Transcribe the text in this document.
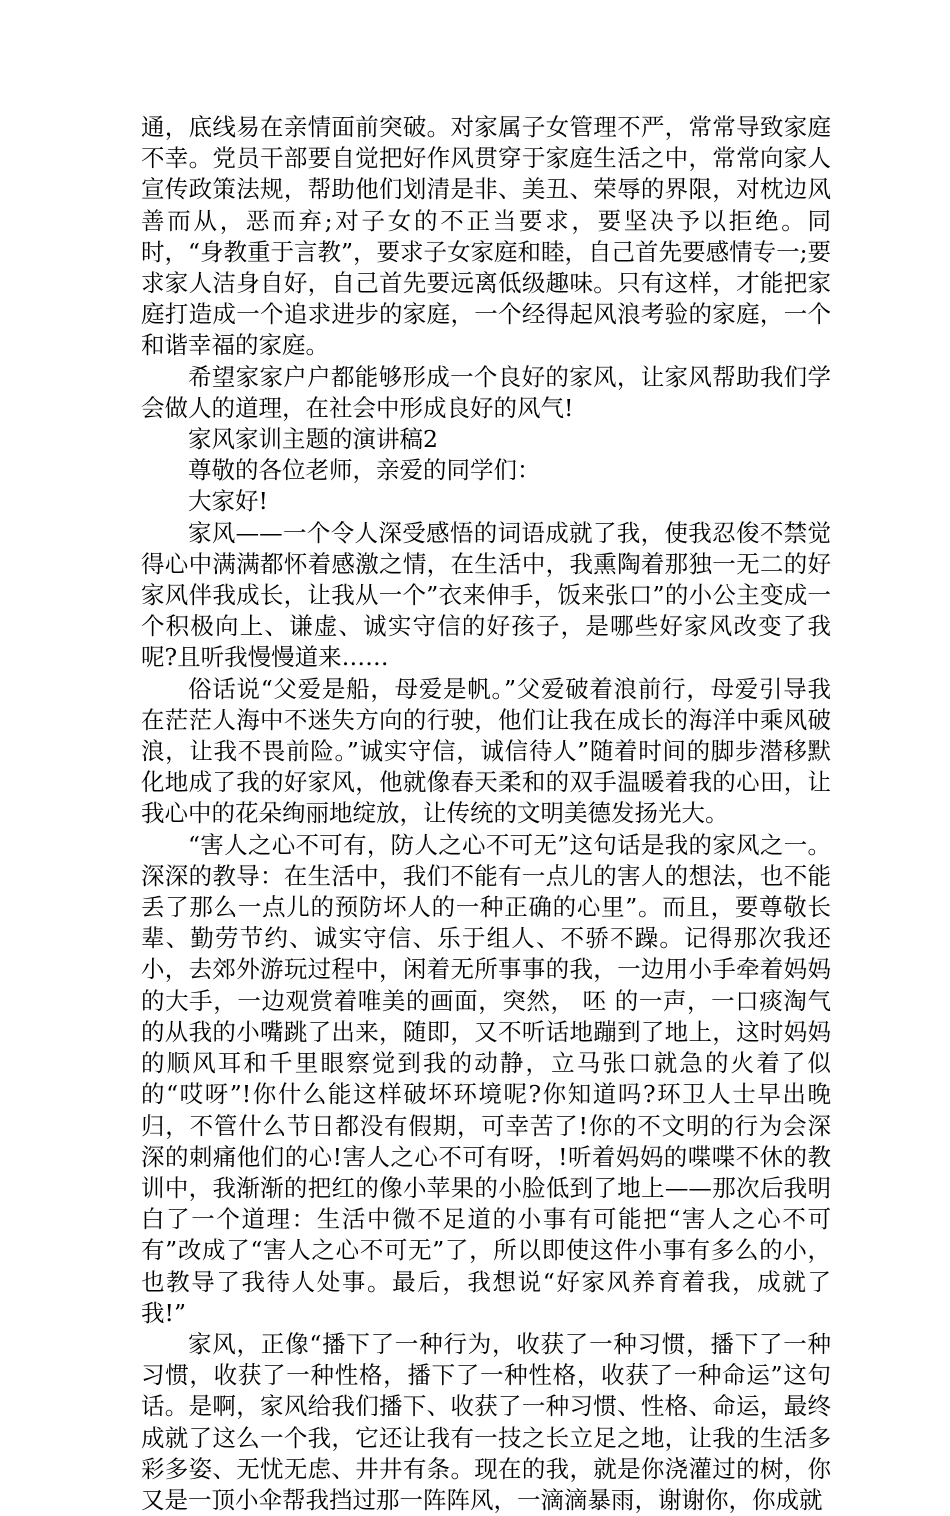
通，底线易在亲情面前突破。对家属子女管理不严，常常导致家庭不幸。党员干部要自觉把好作风贯穿于家庭生活之中，常常向家人宣传政策法规，帮助他们划清是非、美丑、荣辱的界限，对枕边风善而从，恶而弃;对子女的不正当要求，要坚决予以拒绝。同时，“身教重于言教”，要求子女家庭和睦，自己首先要感情专一;要求家人洁身自好，自己首先要远离低级趣味。只有这样，才能把家庭打造成一个追求进步的家庭，一个经得起风浪考验的家庭，一个和谐幸福的家庭。

希望家家户户都能够形成一个良好的家风，让家风帮助我们学会做人的道理，在社会中形成良好的风气!

家风家训主题的演讲稿2

尊敬的各位老师，亲爱的同学们：

大家好!

家风——一个令人深受感悟的词语成就了我，使我忍俊不禁觉得心中满满都怀着感激之情，在生活中，我熏陶着那独一无二的好家风伴我成长，让我从一个”衣来伸手，饭来张口”的小公主变成一个积极向上、谦虚、诚实守信的好孩子，是哪些好家风改变了我呢?且听我慢慢道来……

俗话说“父爱是船，母爱是帆。”父爱破着浪前行，母爱引导我在茫茫人海中不迷失方向的行驶，他们让我在成长的海洋中乘风破浪，让我不畏前险。”诚实守信，诚信待人”随着时间的脚步潜移默化地成了我的好家风，他就像春天柔和的双手温暖着我的心田，让我心中的花朵绚丽地绽放，让传统的文明美德发扬光大。

“害人之心不可有，防人之心不可无”这句话是我的家风之一。深深的教导：在生活中，我们不能有一点儿的害人的想法，也不能丢了那么一点儿的预防坏人的一种正确的心里”。而且，要尊敬长辈、勤劳节约、诚实守信、乐于组人、不骄不躁。记得那次我还小，去郊外游玩过程中，闲着无所事事的我，一边用小手牵着妈妈的大手，一边观赏着唯美的画面，突然， 呸 的一声，一口痰淘气的从我的小嘴跳了出来，随即，又不听话地蹦到了地上，这时妈妈的顺风耳和千里眼察觉到我的动静，立马张口就急的火着了似的“哎呀”!你什么能这样破坏环境呢?你知道吗?环卫人士早出晚归，不管什么节日都没有假期，可幸苦了!你的不文明的行为会深深的刺痛他们的心!害人之心不可有呀，!听着妈妈的喋喋不休的教训中，我渐渐的把红的像小苹果的小脸低到了地上——那次后我明白了一个道理：生活中微不足道的小事有可能把“害人之心不可有”改成了“害人之心不可无”了，所以即使这件小事有多么的小，也教导了我待人处事。最后，我想说“好家风养育着我，成就了我!”

家风，正像“播下了一种行为，收获了一种习惯，播下了一种习惯，收获了一种性格，播下了一种性格，收获了一种命运”这句话。是啊，家风给我们播下、收获了一种习惯、性格、命运，最终成就了这么一个我，它还让我有一技之长立足之地，让我的生活多彩多姿、无忧无虑、井井有条。现在的我，就是你浇灌过的树，你又是一顶小伞帮我挡过那一阵阵风，一滴滴暴雨，谢谢你，你成就
